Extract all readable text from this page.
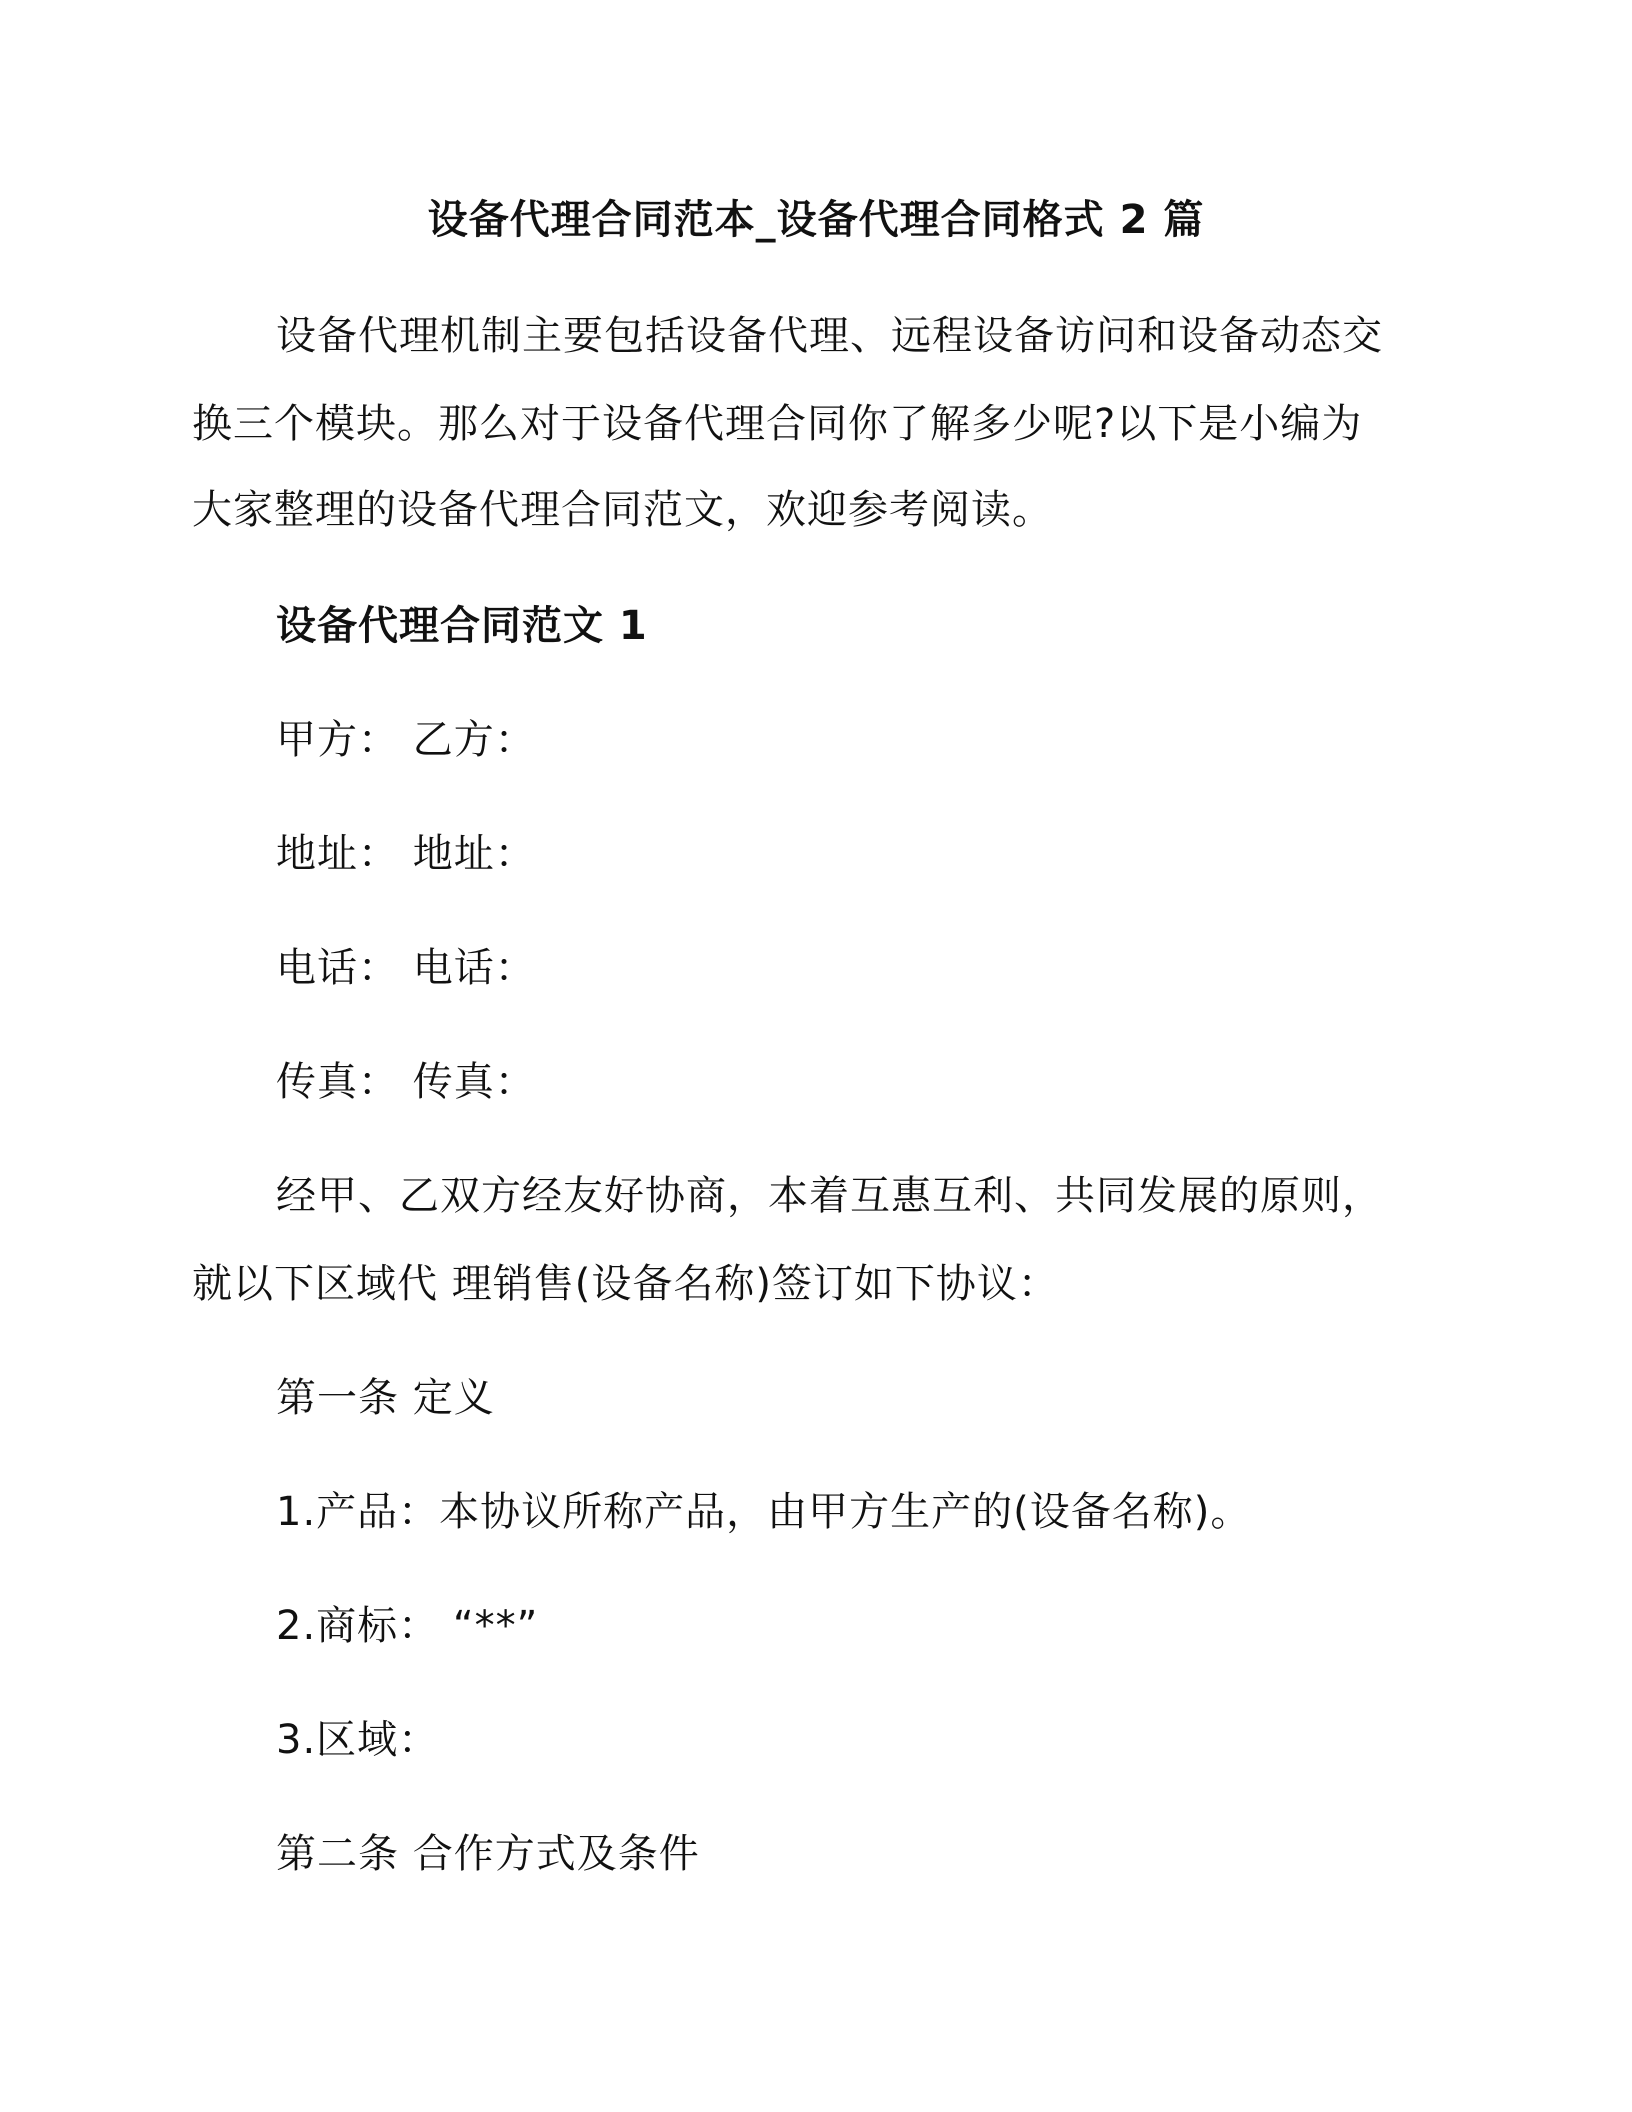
设备代理合同范本_设备代理合同格式 2 篇
设备代理机制主要包括设备代理、远程设备访问和设备动态交
换三个模块。那么对于设备代理合同你了解多少呢?以下是小编为
大家整理的设备代理合同范文，欢迎参考阅读。
设备代理合同范文 1
甲方： 乙方：
地址： 地址：
电话： 电话：
传真： 传真：
经甲、乙双方经友好协商，本着互惠互利、共同发展的原则，
就以下区域代 理销售(设备名称)签订如下协议：
第一条 定义
1.产品：本协议所称产品，由甲方生产的(设备名称)。
2.商标： “**”
3.区域：
第二条 合作方式及条件
